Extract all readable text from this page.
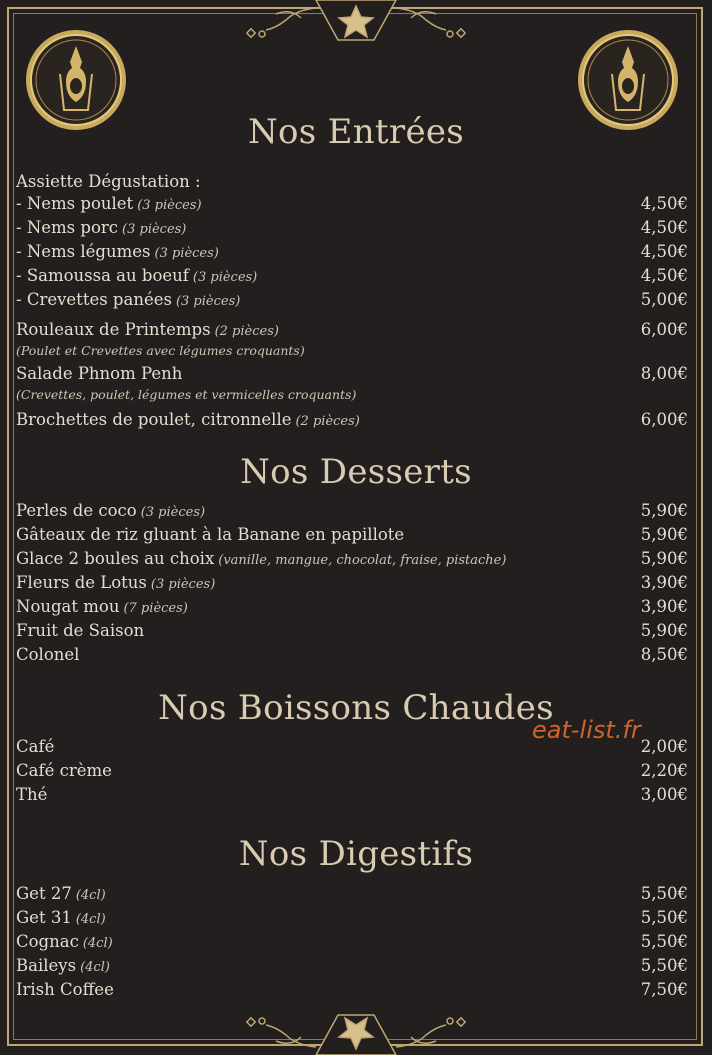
Nos Entrées
Assiette Dégustation :
- Nems poulet (3 pièces)	4,50€
- Nems porc (3 pièces)	4,50€
- Nems légumes (3 pièces)	4,50€
- Samoussa au boeuf (3 pièces)	4,50€
- Crevettes panées (3 pièces)	5,00€
Rouleaux de Printemps (2 pièces)	6,00€
(Poulet et Crevettes avec légumes croquants)
Salade Phnom Penh	8,00€
(Crevettes, poulet, légumes et vermicelles croquants)
Brochettes de poulet, citronnelle (2 pièces)	6,00€
Nos Desserts
Perles de coco (3 pièces)	5,90€
Gâteaux de riz gluant à la Banane en papillote	5,90€
Glace 2 boules au choix (vanille, mangue, chocolat, fraise, pistache)	5,90€
Fleurs de Lotus (3 pièces)	3,90€
Nougat mou (7 pièces)	3,90€
Fruit de Saison	5,90€
Colonel	8,50€
Nos Boissons Chaudes
eat-list.fr
Café	2,00€
Café crème	2,20€
Thé	3,00€
Nos Digestifs
Get 27 (4cl)	5,50€
Get 31 (4cl)	5,50€
Cognac (4cl)	5,50€
Baileys (4cl)	5,50€
Irish Coffee	7,50€
